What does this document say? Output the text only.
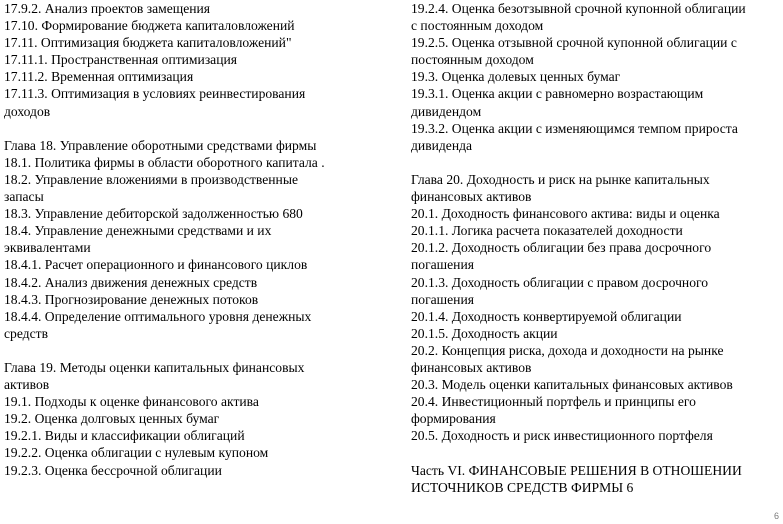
17.9.2. Анализ проектов замещения
17.10. Формирование бюджета капиталовложений
17.11. Оптимизация бюджета капиталовложений"
17.11.1. Пространственная оптимизация
17.11.2. Временная оптимизация
17.11.3. Оптимизация в условиях реинвестирования
доходов
Глава 18. Управление оборотными средствами фирмы
18.1. Политика фирмы в области оборотного капитала .
18.2. Управление вложениями в производственные
запасы
18.3. Управление дебиторской задолженностью 680
18.4. Управление денежными средствами и их
эквивалентами
18.4.1. Расчет операционного и финансового циклов
18.4.2. Анализ движения денежных средств
18.4.3. Прогнозирование денежных потоков
18.4.4. Определение оптимального уровня денежных
средств
Глава 19. Методы оценки капитальных финансовых
активов
19.1. Подходы к оценке финансового актива
19.2. Оценка долговых ценных бумаг
19.2.1. Виды и классификации облигаций
19.2.2. Оценка облигации с нулевым купоном
19.2.3. Оценка бессрочной облигации
19.2.4. Оценка безотзывной срочной купонной облигации
с постоянным доходом
19.2.5. Оценка отзывной срочной купонной облигации с
постоянным доходом
19.3. Оценка долевых ценных бумаг
19.3.1. Оценка акции с равномерно возрастающим
дивидендом
19.3.2. Оценка акции с изменяющимся темпом прироста
дивиденда
Глава 20. Доходность и риск на рынке капитальных
финансовых активов
20.1. Доходность финансового актива: виды и оценка
20.1.1. Логика расчета показателей доходности
20.1.2. Доходность облигации без права досрочного
погашения
20.1.3. Доходность облигации с правом досрочного
погашения
20.1.4. Доходность конвертируемой облигации
20.1.5. Доходность акции
20.2. Концепция риска, дохода и доходности на рынке
финансовых активов
20.3. Модель оценки капитальных финансовых активов
20.4. Инвестиционный портфель и принципы его
формирования
20.5. Доходность и риск инвестиционного портфеля
Часть VI. ФИНАНСОВЫЕ РЕШЕНИЯ В ОТНОШЕНИИ
ИСТОЧНИКОВ СРЕДСТВ ФИРМЫ 6
6
